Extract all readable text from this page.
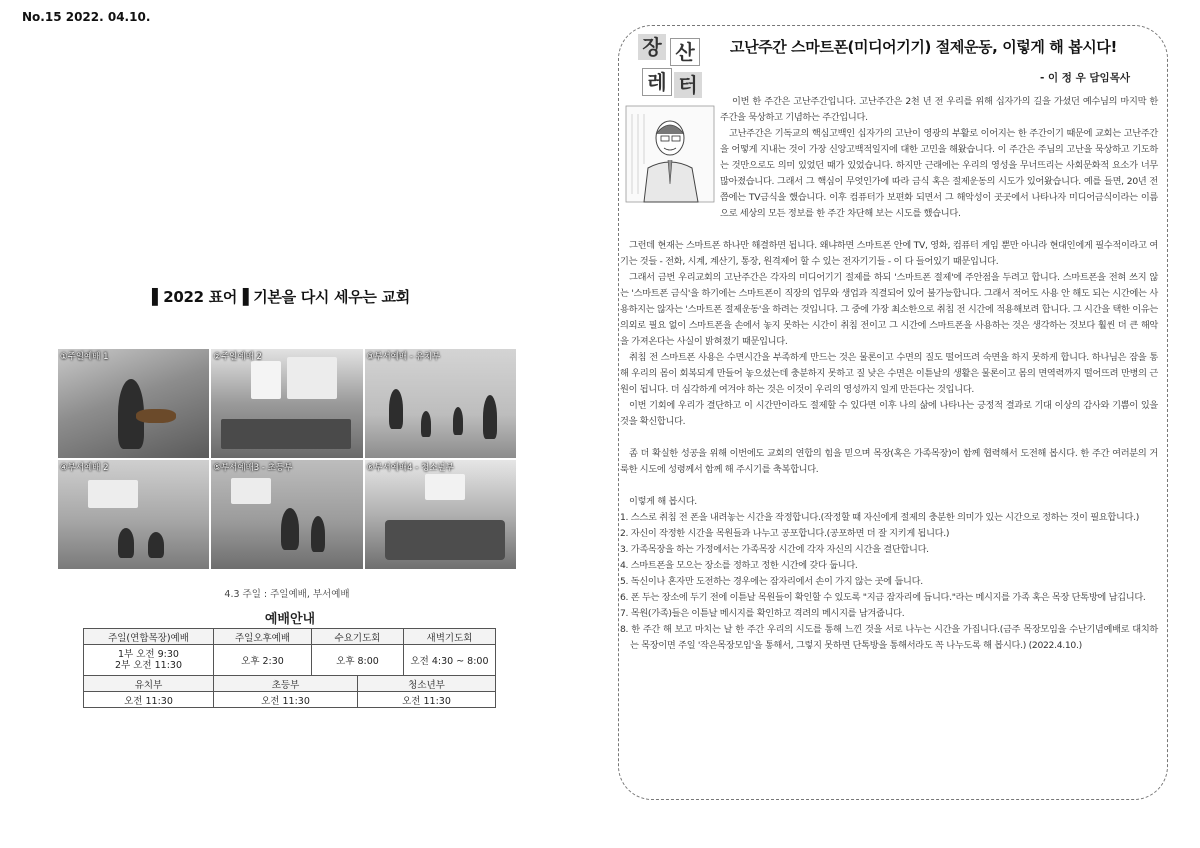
No.15 2022. 04.10.
▌2022 표어▐ 기본을 다시 세우는 교회
①주일예배 1	②주일예배 2	③부서예배 - 유치부
④부서예배 2	⑤부서예배3 - 초등부	⑥부서예배4 - 청소년부
4.3 주일 : 주일예배, 부서예배
예배안내
주일(연합목장)예배	주일오후예배	수요기도회		새벽기도회
1부 오전 9:30
2부 오전 11:30	오후 2:30	오후 8:00		오전 4:30 ~ 8:00
유치부	초등부		청소년부	
오전 11:30	오전 11:30		오전 11:30	
장 산
레 터
고난주간 스마트폰(미디어기기) 절제운동, 이렇게 해 봅시다!
- 이 정 우 담임목사

이번 한 주간은 고난주간입니다. 고난주간은 2천 년 전 우리를 위해 십자가의 길을 가셨던 예수님의 마지막 한 주간을 묵상하고 기념하는 주간입니다.

고난주간은 기독교의 핵심고백인 십자가의 고난이 영광의 부활로 이어지는 한 주간이기 때문에 교회는 고난주간을 어떻게 지내는 것이 가장 신앙고백적일지에 대한 고민을 해왔습니다. 이 주간은 주님의 고난을 묵상하고 기도하는 것만으로도 의미 있었던 때가 있었습니다. 하지만 근래에는 우리의 영성을 무너뜨리는 사회문화적 요소가 너무 많아졌습니다. 그래서 그 핵심이 무엇인가에 따라 금식 혹은 절제운동의 시도가 있어왔습니다. 예를 들면, 20년 전 쯤에는 TV금식을 했습니다. 이후 컴퓨터가 보편화 되면서 그 해악성이 곳곳에서 나타나자 미디어금식이라는 이름으로 세상의 모든 정보를 한 주간 차단해 보는 시도를 했습니다.

그런데 현재는 스마트폰 하나만 해결하면 됩니다. 왜냐하면 스마트폰 안에 TV, 영화, 컴퓨터 게임 뿐만 아니라 현대인에게 필수적이라고 여기는 것들 - 전화, 시계, 계산기, 통장, 원격제어 할 수 있는 전자기기들 - 이 다 들어있기 때문입니다.

그래서 금번 우리교회의 고난주간은 각자의 미디어기기 절제를 하되 '스마트폰 절제'에 주안점을 두려고 합니다. 스마트폰을 전혀 쓰지 않는 '스마트폰 금식'을 하기에는 스마트폰이 직장의 업무와 생업과 직결되어 있어 불가능합니다. 그래서 적어도 사용 안 해도 되는 시간에는 사용하지는 않자는 '스마트폰 절제운동'을 하려는 것입니다. 그 중에 가장 최소한으로 취침 전 시간에 적용해보려 합니다. 그 시간을 택한 이유는 의외로 필요 없이 스마트폰을 손에서 놓지 못하는 시간이 취침 전이고 그 시간에 스마트폰을 사용하는 것은 생각하는 것보다 훨씬 더 큰 해악을 가져온다는 사실이 밝혀졌기 때문입니다.

취침 전 스마트폰 사용은 수면시간을 부족하게 만드는 것은 물론이고 수면의 질도 떨어뜨려 숙면을 하지 못하게 합니다. 하나님은 잠을 통해 우리의 몸이 회복되게 만들어 놓으셨는데 충분하지 못하고 질 낮은 수면은 이튿날의 생활은 물론이고 몸의 면역력까지 떨어뜨려 만병의 근원이 됩니다. 더 심각하게 여겨야 하는 것은 이것이 우리의 영성까지 일게 만든다는 것입니다.

이번 기회에 우리가 결단하고 이 시간만이라도 절제할 수 있다면 이후 나의 삶에 나타나는 긍정적 결과로 기대 이상의 감사와 기쁨이 있을 것을 확신합니다.

좀 더 확실한 성공을 위해 이번에도 교회의 연합의 힘을 믿으며 목장(혹은 가족목장)이 함께 협력해서 도전해 봅시다. 한 주간 여러분의 거룩한 시도에 성령께서 함께 해 주시기를 축복합니다.

이렇게 해 봅시다.
1. 스스로 취침 전 폰을 내려놓는 시간을 작정합니다.(작정할 때 자신에게 절제의 충분한 의미가 있는 시간으로 정하는 것이 필요합니다.)
2. 자신이 작정한 시간을 목원들과 나누고 공포합니다.(공포하면 더 잘 지키게 됩니다.)
3. 가족목장을 하는 가정에서는 가족목장 시간에 각자 자신의 시간을 결단합니다.
4. 스마트폰을 모으는 장소를 정하고 정한 시간에 갖다 둡니다.
5. 독신이나 혼자만 도전하는 경우에는 잠자리에서 손이 가지 않는 곳에 둡니다.
6. 폰 두는 장소에 두기 전에 이튿날 목원들이 확인할 수 있도록 "지금 잠자리에 듭니다."라는 메시지를 가족 혹은 목장 단톡방에 남깁니다.
7. 목원(가족)들은 이튿날 메시지를 확인하고 격려의 메시지를 남겨줍니다.
8. 한 주간 해 보고 마치는 날 한 주간 우리의 시도를 통해 느낀 것을 서로 나누는 시간을 가집니다.(금주 목장모임을 수난기념예배로 대치하는 목장이면 주일 '작은목장모임'을 통해서, 그렇지 못하면 단톡방을 통해서라도 꼭 나누도록 해 봅시다.) (2022.4.10.)
